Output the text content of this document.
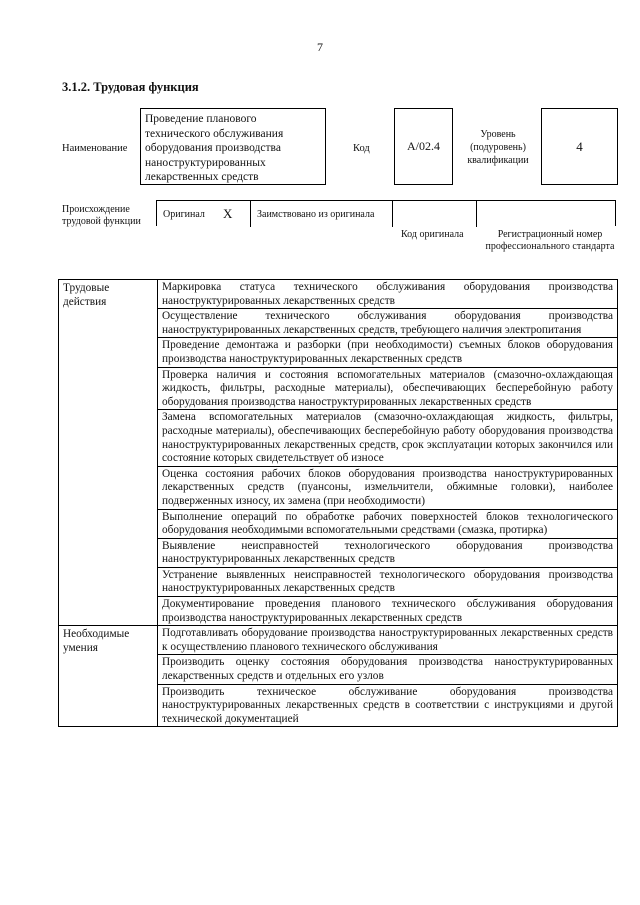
7
3.1.2. Трудовая функция
Наименование
Проведение планового технического обслуживания оборудования производства наноструктурированных лекарственных средств
Код	А/02.4
Уровень (подуровень) квалификации
4
Происхождение трудовой функции
Оригинал X Заимствовано из оригинала
Код оригинала	Регистрационный номер профессионального стандарта
Трудовые действия	Маркировка статуса технического обслуживания оборудования производства наноструктурированных лекарственных средств
	Осуществление технического обслуживания оборудования производства наноструктурированных лекарственных средств, требующего наличия электропитания
	Проведение демонтажа и разборки (при необходимости) съемных блоков оборудования производства наноструктурированных лекарственных средств
	Проверка наличия и состояния вспомогательных материалов (смазочно-охлаждающая жидкость, фильтры, расходные материалы), обеспечивающих бесперебойную работу оборудования производства наноструктурированных лекарственных средств
	Замена вспомогательных материалов (смазочно-охлаждающая жидкость, фильтры, расходные материалы), обеспечивающих бесперебойную работу оборудования производства наноструктурированных лекарственных средств, срок эксплуатации которых закончился или состояние которых свидетельствует об износе
	Оценка состояния рабочих блоков оборудования производства наноструктурированных лекарственных средств (пуансоны, измельчители, обжимные головки), наиболее подверженных износу, их замена (при необходимости)
	Выполнение операций по обработке рабочих поверхностей блоков технологического оборудования необходимыми вспомогательными средствами (смазка, протирка)
	Выявление неисправностей технологического оборудования производства наноструктурированных лекарственных средств
	Устранение выявленных неисправностей технологического оборудования производства наноструктурированных лекарственных средств
	Документирование проведения планового технического обслуживания оборудования производства наноструктурированных лекарственных средств
Необходимые умения	Подготавливать оборудование производства наноструктурированных лекарственных средств к осуществлению планового технического обслуживания
	Производить оценку состояния оборудования производства наноструктурированных лекарственных средств и отдельных его узлов
	Производить техническое обслуживание оборудования производства наноструктурированных лекарственных средств в соответствии с инструкциями и другой технической документацией
